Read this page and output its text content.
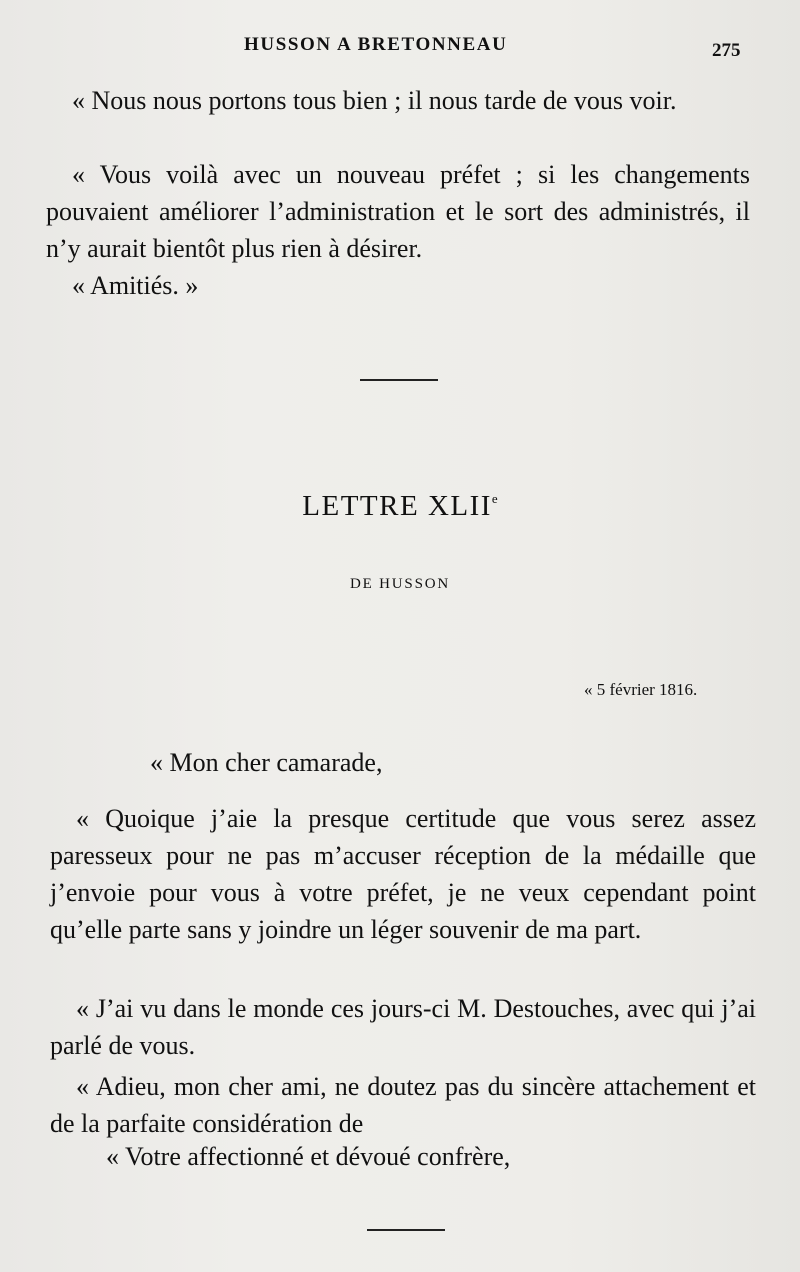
HUSSON A BRETONNEAU	275

« Nous nous portons tous bien ; il nous tarde de vous voir.

« Vous voilà avec un nouveau préfet ; si les changements pouvaient améliorer l’administration et le sort des administrés, il n’y aurait bientôt plus rien à désirer.

« Amitiés. »

LETTRE XLIIe
DE HUSSON
« 5 février 1816.
« Mon cher camarade,

« Quoique j’aie la presque certitude que vous serez assez paresseux pour ne pas m’accuser réception de la médaille que j’envoie pour vous à votre préfet, je ne veux cependant point qu’elle parte sans y joindre un léger souvenir de ma part.

« J’ai vu dans le monde ces jours-ci M. Destouches, avec qui j’ai parlé de vous.

« Adieu, mon cher ami, ne doutez pas du sincère attachement et de la parfaite considération de

« Votre affectionné et dévoué confrère,
